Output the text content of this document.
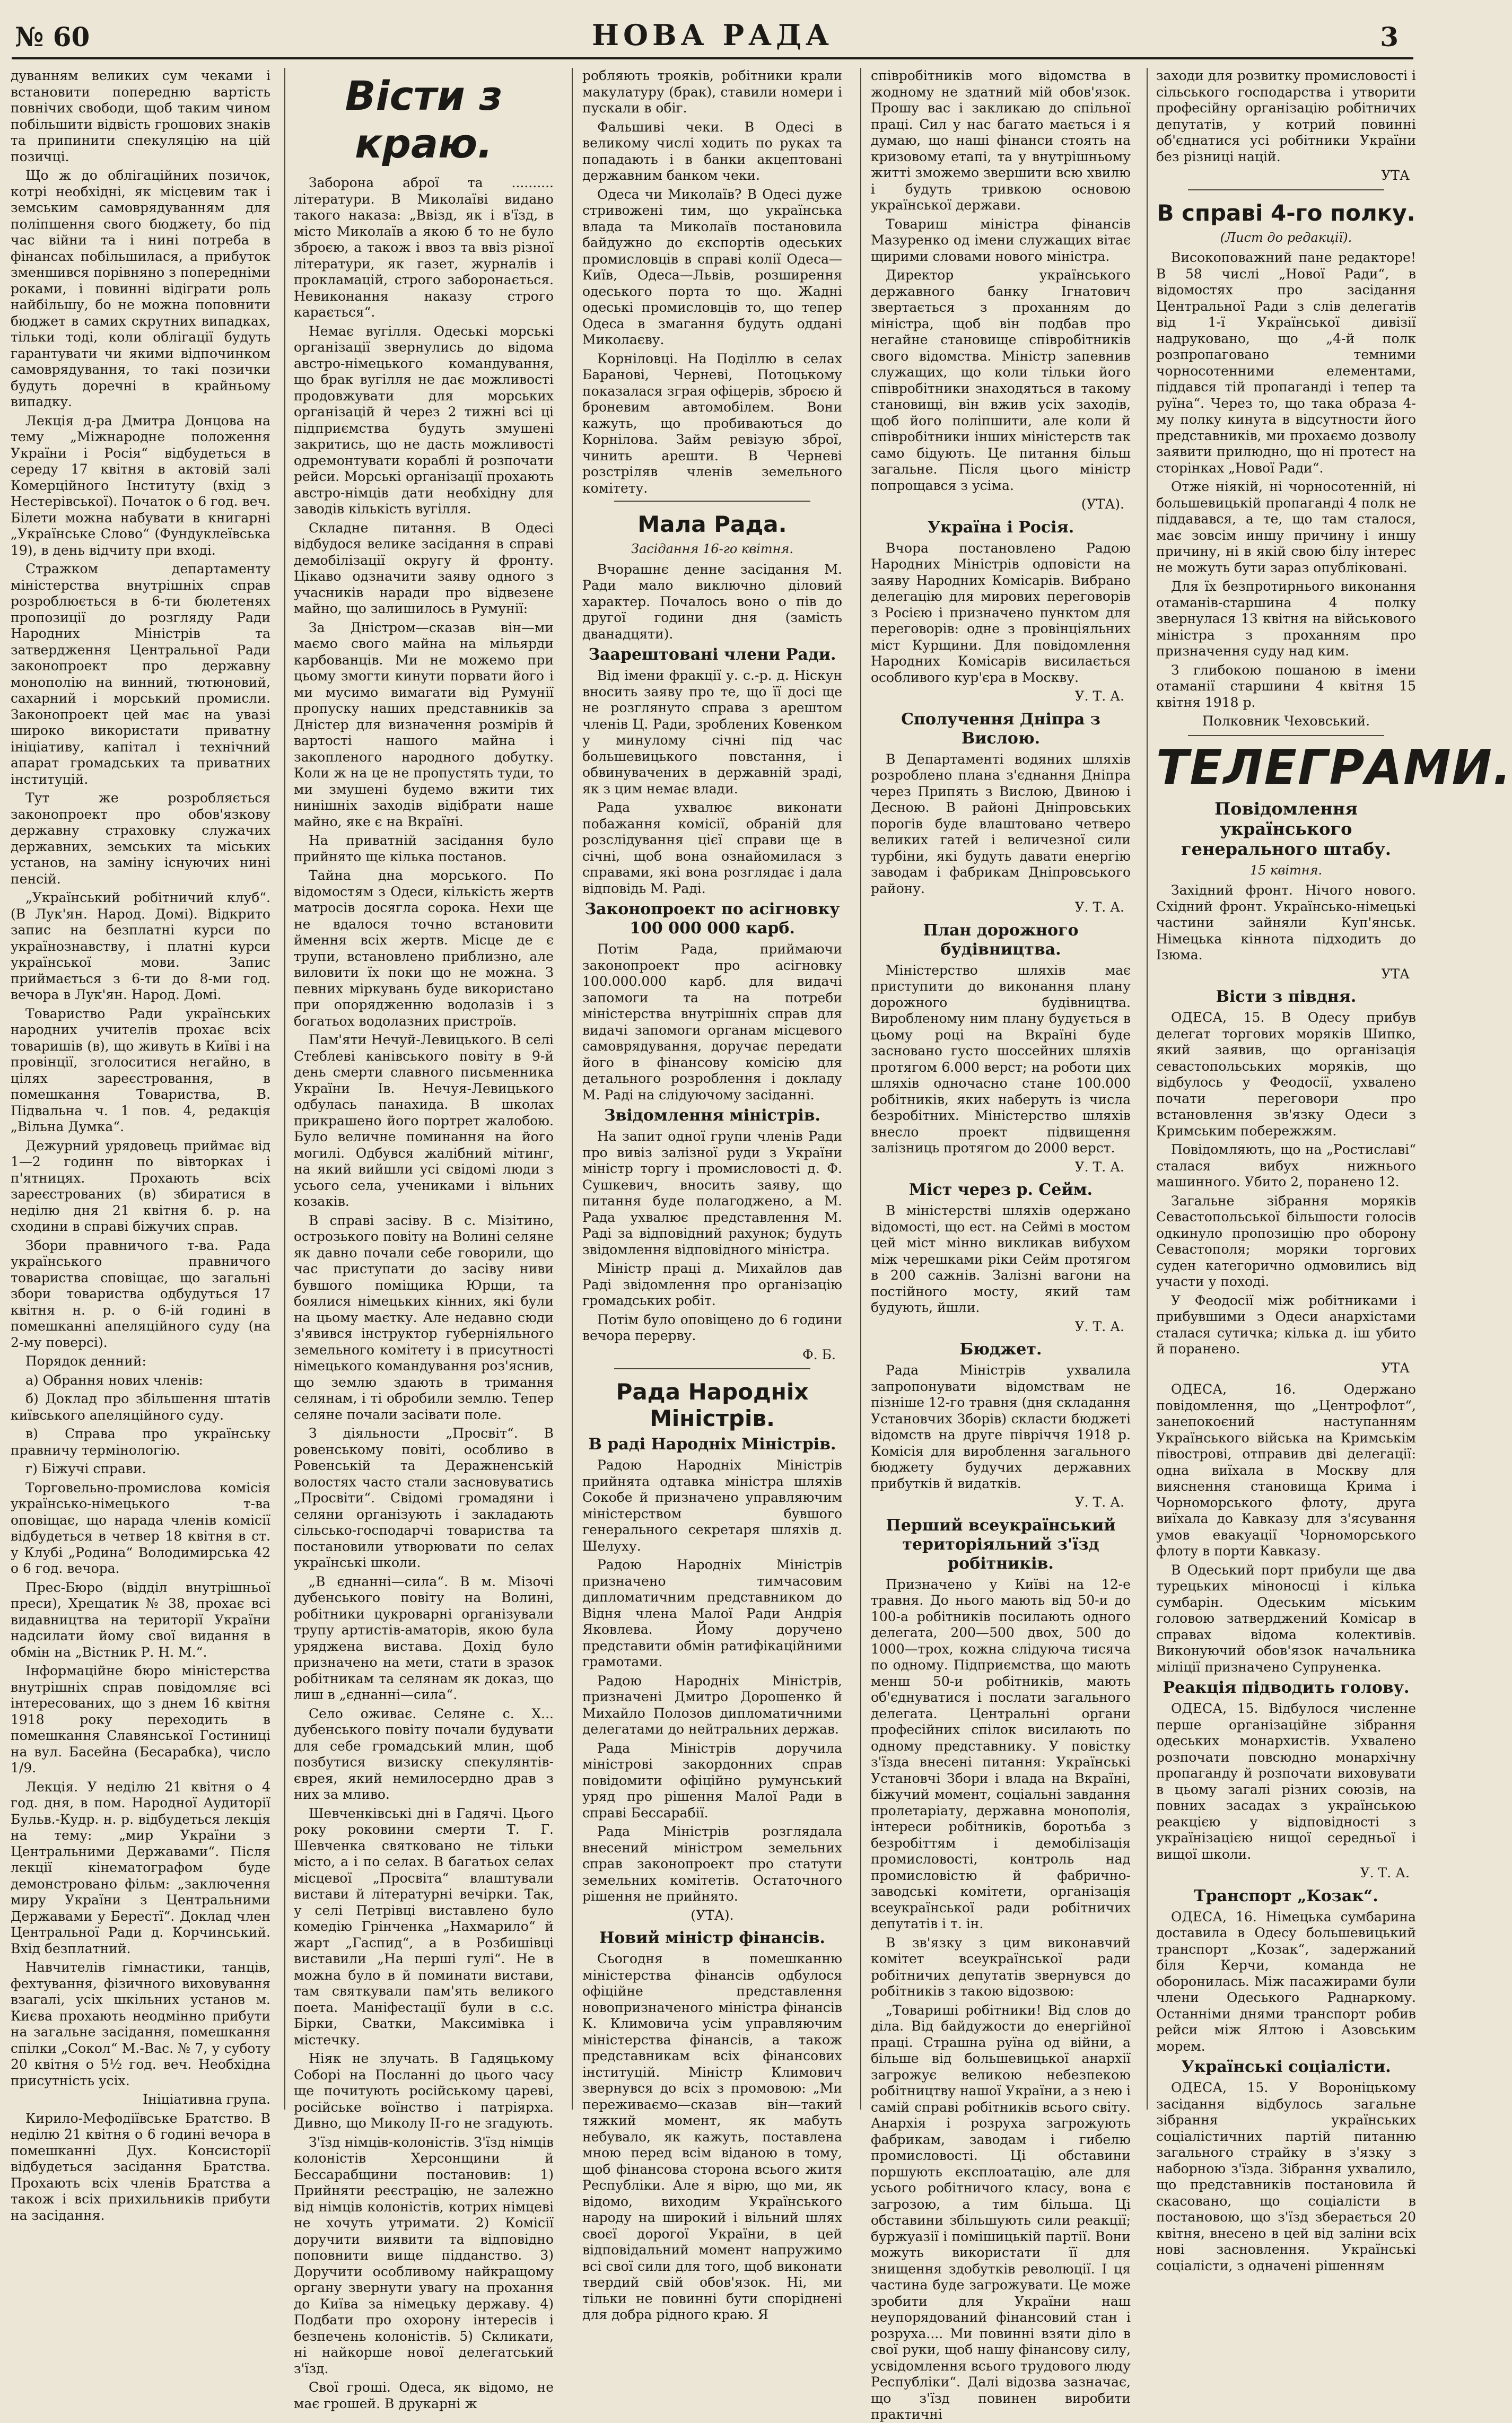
№ 60	НОВА РАДА	3

дуванням великих сум чеками і встановити попередню вартість повнічих свободи, щоб таким чином побільшити відвість грошових знаків та припинити спекуляцію на цій позичці.

Що ж до облігаційних позичок, котрі необхідні, як місцевим так і земським самоврядуванням для поліпшення свого бюджету, бо під час війни та і нині потреба в фінансах побільшилася, а прибуток зменшився порівняно з попередніми роками, і повинні відіграти роль найбільшу, бо не можна поповнити бюджет в самих скрутних випадках, тільки тоді, коли облігації будуть гарантувати чи якими відпочинком самоврядування, то такі позички будуть доречні в крайньому випадку.

Лекція д-ра Дмитра Донцова на тему „Міжнародне положення України і Росія“ відбудеться в середу 17 квітня в актовій залі Комерційного Інституту (вхід з Нестерівської). Початок о 6 год. веч. Білети можна набувати в книгарні „Українське Слово“ (Фундуклеївська 19), в день відчиту при вході.

Стражком департаменту міністерства внутрішніх справ розроблюється в 6-ти бюлетенях пропозиції до розгляду Ради Народних Міністрів та затвердження Центральної Ради законопроект про державну монополію на винний, тютюновий, сахарний і морський промисли. Законопроект цей має на увазі широко використати приватну ініціативу, капітал і технічний апарат громадських та приватних інституцій.

Тут же розробляється законопроект про обов'язкову державну страховку служачих державних, земських та міських установ, на заміну існуючих нині пенсій.

„Український робітничий клуб“. (В Лук'ян. Народ. Домі). Відкрито запис на безплатні курси по українознавству, і платні курси української мови. Запис приймається з 6-ти до 8-ми год. вечора в Лук'ян. Народ. Домі.

Товариство Ради українських народних учителів прохає всіх товаришів (в), що живуть в Київі і на провінції, зголоситися негайно, в цілях зареєстровання, в помешкання Товариства, В. Підвальна ч. 1 пов. 4, редакція „Вільна Думка“.

Дежурний урядовець приймає від 1—2 годинн по вівторках і п'ятницях. Прохають всіх зареєстрованих (в) збиратися в неділю дня 21 квітня б. р. на сходини в справі біжучих справ.

Збори правничого т-ва. Рада українського правничого товариства сповіщає, що загальні збори товариства одбудуться 17 квітня н. р. о 6-ій годині в помешканні апеляційного суду (на 2-му поверсі).

Порядок денний:

а) Обрання нових членів:

б) Доклад про збільшення штатів київського апеляційного суду.

в) Справа про українську правничу термінологію.

г) Біжучі справи.

Торговельно-промислова комісія українсько-німецького т-ва оповіщає, що нарада членів комісії відбудеться в четвер 18 квітня в ст. у Клубі „Родина“ Володимирська 42 о 6 год. вечора.

Прес-Бюро (відділ внутрішньої преси), Хрещатик № 38, прохає всі видавництва на території України надсилати йому свої видання в обмін на „Вістник Р. Н. М.“.

Інформаційне бюро міністерства внутрішніх справ повідомляє всі інтересованих, що з днем 16 квітня 1918 року переходить в помешкання Славянської Гостиниці на вул. Басейна (Бесарабка), число 1/9.

Лекція. У неділю 21 квітня о 4 год. дня, в пом. Народної Аудиторії Бульв.-Кудр. н. р. відбудеться лекція на тему: „мир України з Центральними Державами“. Після лекції кінематографом буде демонстровано фільм: „заключення миру України з Центральними Державами у Берестї“. Доклад член Центральної Ради д. Корчинський. Вхід безплатний.

Навчителів гімнастики, танців, фехтування, фізичного виховування взагалі, усіх шкільних установ м. Києва прохають неодмінно прибути на загальне засідання, помешкання спілки „Сокол“ М.-Вас. № 7, у суботу 20 квітня о 5½ год. веч. Необхідна присутність усіх.

Ініціативна група.

Кирило-Мефодіївське Братство. В неділю 21 квітня о 6 годині вечора в помешканні Дух. Консисторії відбудеться засідання Братства. Прохають всіх членів Братства а також і всіх прихильників прибути на засідання.

Вісти з краю.

Заборона аброї та .......... літератури. В Миколаїві видано такого наказа: „Ввізд, як і в'їзд, в місто Миколаїв а якою б то не було зброєю, а також і ввоз та ввіз різної літератури, як газет, журналів і прокламацій, строго заборонається. Невиконання наказу строго карається“.

Немає вугілля. Одеські морські організації звернулись до відома австро-німецького командування, що брак вугілля не дає можливості продовжувати для морських організацій й через 2 тижні всі ці підприємства будуть змушені закритись, що не дасть можливості одремонтувати кораблі й розпочати рейси. Морські організації прохають австро-німців дати необхідну для заводів кількість вугілля.

Складне питання. В Одесі відбудося велике засідання в справі демобілізації округу й фронту. Цікаво одзначити заяву одного з учасників наради про відвезене майно, що залишилось в Румунії:

За Дністром—сказав він—ми маємо свого майна на мільярди карбованців. Ми не можемо при цьому змогти кинути порвати його і ми мусимо вимагати від Румунії пропуску наших представників за Дністер для визначення розмірів й вартості нашого майна і закопленого народного добутку. Коли ж на це не пропустять туди, то ми змушені будемо вжити тих нинішніх заходів відібрати наше майно, яке є на Вкраїні.

На приватній засідання було прийнято ще кілька постанов.

Тайна дна морського. По відомостям з Одеси, кількість жертв матросів досягла сорока. Нехи ще не вдалося точно встановити ймення всіх жертв. Місце де є трупи, встановлено приблизно, але виловити їх поки що не можна. З певних міркувань буде використано при опорядженню водолазів і з богатьох водолазних пристроїв.

Пам'яти Нечуй-Левицького. В селі Стеблеві канівського повіту в 9-й день смерти славного письменника України Ів. Нечуя-Левицького одбулась панахида. В школах прикрашено його портрет жалобою. Було величне поминання на його могилі. Одбувся жалібний мітинг, на який вийшли усі свідомі люди з усього села, учениками і вільних козаків.

В справі засіву. В с. Мізітино, острозького повіту на Волині селяне як давно почали себе говорили, що час приступати до засіву ниви бувшого поміщика Юрщи, та боялися німецьких кінних, які були на цьому маєтку. Але недавно сюди з'явився інструктор губерніяльного земельного комітету і в присутності німецького командування роз'яснив, що землю здають в тримання селянам, і ті обробили землю. Тепер селяне почали засівати поле.

З діяльности „Просвіт“. В ровенському повіті, особливо в Ровенській та Деражненській волостях часто стали засновуватись „Просвіти“. Свідомі громадяни і селяни організують і закладають сільсько-господарчі товариства та постановили утворювати по селах українські школи.

„В єднанні—сила“. В м. Мізочі дубенського повіту на Волині, робітники цукроварні організували трупу артистів-аматорів, якою була уряджена вистава. Дохід було призначено на мети, стати в зразок робітникам та селянам як доказ, що лиш в „єднанні—сила“.

Село оживає. Селяне с. Х... дубенського повіту почали будувати для себе громадський млин, щоб позбутися визиску спекулянтів-єврея, який немилосердно драв з них за мливо.

Шевченківські дні в Гадячі. Цього року роковини смерти Т. Г. Шевченка святковано не тільки місто, а і по селах. В багатьох селах місцевої „Просвіта“ влаштували вистави й літературні вечірки. Так, у селі Петрівці виставлено було комедію Грінченка „Нахмарило“ й жарт „Гаспид“, а в Розбишівці виставили „На перші гулі“. Не в можна було в й поминати вистави, там святкували пам'ять великого поета. Маніфестації були в с.с. Бірки, Сватки, Максимівка і містечку.

Ніяк не злучать. В Гадяцькому Соборі на Посланні до цього часу ще почитують російському цареві, російське воїнство і патріярха. Дивно, що Миколу II-го не згадують.

З'їзд німців-колоністів. З'їзд німців колоністів Херсонщини й Бессарабщини постановив: 1) Прийняти реєстрацію, не залежно від німців колоністів, котрих німцеві не хочуть утримати. 2) Комісії доручити виявити та відповідно поповнити вище підданство. 3) Доручити особливому найкращому органу звернути увагу на прохання до Київа за німецьку державу. 4) Подбати про охорону інтересів і безпечень колоністів. 5) Скликати, ні найкорше нової делегатський з'їзд.

Свої гроші. Одеса, як відомо, не має грошей. В друкарні ж

робляють трояків, робітники крали макулатуру (брак), ставили номери і пускали в обіг.

Фальшиві чеки. В Одесі в великому числі ходить по руках та попадають і в банки акцептовані державним банком чеки.

Одеса чи Миколаїв? В Одесі дуже стривожені тим, що українська влада та Миколаїв постановила байдужно до єкспортів одеських промисловців в справі колії Одеса—Київ, Одеса—Львів, розширення одеського порта то що. Жадні одеські промисловців то, що тепер Одеса в змагання будуть оддані Миколаєву.

Корніловці. На Поділлю в селах Баранові, Черневі, Потоцькому показалася зграя офіцерів, зброєю й броневим автомобілем. Вони кажуть, що пробиваються до Корнілова. Займ ревізую зброї, чинить арешти. В Черневі розстріляв членів земельного комітету.

Мала Рада.
Засідання 16-го квітня.

Вчорашнє денне засідання М. Ради мало виключно діловий характер. Почалось воно о пів до другої години дня (замість дванадцяти).

Заарештовані члени Ради.

Від імени фракції у. с.-р. д. Ніскун вносить заяву про те, що її досі ще не розглянуто справа з арештом членів Ц. Ради, зроблених Ковенком у минулому січні під час большевицького повстання, і обвинувачених в державній зраді, як з цим немає влади.

Рада ухвалює виконати побажання комісії, обраній для розслідування цієї справи ще в січні, щоб вона ознайомилася з справами, які вона розглядає і дала відповідь М. Раді.

Законопроект по асігновку 100 000 000 карб.

Потім Рада, приймаючи законопроект про асігновку 100.000.000 карб. для видачі запомоги та на потреби міністерства внутрішніх справ для видачі запомоги органам місцевого самоврядування, доручає передати його в фінансову комісію для детального розроблення і докладу М. Раді на слідуючому засіданні.

Звідомлення міністрів.

На запит одної групи членів Ради про вивіз залізної руди з України міністр торгу і промисловості д. Ф. Сушкевич, вносить заяву, що питання буде полагоджено, а М. Рада ухвалює представлення М. Раді за відповідний рахунок; будуть звідомлення відповідного міністра.

Міністр праці д. Михайлов дав Раді звідомлення про організацію громадських робіт.

Потім було оповіщено до 6 години вечора перерву.

Ф. Б.
Рада Народніх Міністрів.
В раді Народніх Міністрів.

Радою Народніх Міністрів прийнята одтавка міністра шляхів Сокобе й призначено управляючим міністерством бувшого генерального секретаря шляхів д. Шелуху.

Радою Народніх Міністрів призначено тимчасовим дипломатичним представником до Відня члена Малої Ради Андрія Яковлева. Йому доручено представити обмін ратифікаційними грамотами.

Радою Народніх Міністрів, призначені Дмитро Дорошенко й Михайло Полозов дипломатичними делегатами до нейтральних держав.

Рада Міністрів доручила міністрові закордонних справ повідомити офіційно румунський уряд про рішення Малої Ради в справі Бессарабії.

Рада Міністрів розглядала внесений міністром земельних справ законопроект про статути земельних комітетів. Остаточного рішення не прийнято.

(УТА).
Новий міністр фінансів.

Сьогодня в помешканню міністерства фінансів одбулося офіційне представлення новопризначеного міністра фінансів К. Климовича усім управляючим міністерства фінансів, а також представникам всіх фінансових інституцій. Міністр Климович звернувся до всіх з промовою: „Ми переживаємо—сказав він—такий тяжкий момент, як мабуть небувало, як кажуть, поставлена мною перед всім віданою в тому, щоб фінансова сторона всього житя Республіки. Але я вірю, що ми, як відомо, виходим Українського народу на широкий і вільний шлях своєї дорогої України, в цей відповідальний момент напружимо всі свої сили для того, щоб виконати твердий свій обов'язок. Ні, ми тільки не повинні бути споріднені для добра рідного краю. Я

співробітників мого відомства в жодному не здатний мій обов'язок. Прошу вас і закликаю до спільної праці. Сил у нас багато мається і я думаю, що наші фінанси стоять на кризовому етапі, та у внутрішньому житті зможемо звершити всю хвилю і будуть тривкою основою української держави.

Товариш міністра фінансів Мазуренко од імени служащих вітає щирими словами нового міністра.

Директор українського державного банку Ігнатович звертається з проханням до міністра, щоб він подбав про негайне становище співробітників свого відомства. Міністр запевнив служащих, що коли тільки його співробітники знаходяться в такому становищі, він вжив усіх заходів, щоб його поліпшити, але коли й співробітники інших міністерств так само бідують. Це питання більш загальне. Після цього міністр попрощався з усіма.

(УТА).
Україна і Росія.

Вчора постановлено Радою Народних Міністрів одповісти на заяву Народних Комісарів. Вибрано делегацію для мирових переговорів з Росією і призначено пунктом для переговорів: одне з провінціяльних міст Курщини. Для повідомлення Народних Комісарів висилається особливого кур'єра в Москву.

У. Т. А.
Сполучення Дніпра з Вислою.

В Департаменті водяних шляхів розроблено плана з'єднання Дніпра через Припять з Вислою, Двиною і Десною. В районі Дніпровських порогів буде влаштовано четверо великих гатей і величезної сили турбіни, які будуть давати енергію заводам і фабрикам Дніпровського району.

У. Т. А.
План дорожного будівництва.

Міністерство шляхів має приступити до виконання плану дорожного будівництва. Виробленому ним плану будується в цьому році на Вкраїні буде засновано густо шоссейних шляхів протягом 6.000 верст; на роботи цих шляхів одночасно стане 100.000 робітників, яких наберуть із числа безробітних. Міністерство шляхів внесло проект підвищення залізниць протягом до 2000 верст.

У. Т. А.
Міст через р. Сейм.

В міністерстві шляхів одержано відомості, що ест. на Сеймі в мостом цей міст мінно викликав вибухом між черешками ріки Сейм протягом в 200 сажнів. Залізні вагони на постійного мосту, який там будують, йшли.

У. Т. А.
Бюджет.

Рада Міністрів ухвалила запропонувати відомствам не пізніше 12-го травня (дня складання Установчих Зборів) скласти бюджеті відомств на друге півріччя 1918 р. Комісія для вироблення загального бюджету будучих державних прибутків й видатків.

У. Т. А.
Перший всеукраїнський територіяльний з'їзд робітників.

Призначено у Київі на 12-е травня. До нього мають від 50-и до 100-а робітників посилають одного делегата, 200—500 двох, 500 до 1000—трох, кожна слідуюча тисяча по одному. Підприємства, що мають менш 50-и робітників, мають об'єднуватися і послати загального делегата. Центральні органи професійних спілок висилають по одному представнику. У повістку з'їзда внесені питання: Українські Установчі Збори і влада на Вкраїні, біжучий момент, соціальні завдання пролетаріату, державна монополія, інтереси робітників, боротьба з безробіттям і демобілізація промисловості, контроль над промисловістю й фабрично-заводські комітети, організація всеукраїнської ради робітничих депутатів і т. ін.

В зв'язку з цим виконавчий комітет всеукраїнської ради робітничих депутатів звернувся до робітників з такою відозвою:

„Товариші робітники! Від слов до діла. Від байдужости до енергійної праці. Страшна руїна од війни, а більше від большевицької анархії загрожує великою небезпекою робітництву нашої України, а з нею і самій справі робітників всього світу. Анархія і розруха загрожують фабрикам, заводам і гибелю промисловості. Ці обставини поршують експлоатацію, але для усього робітничого класу, вона є загрозою, а тим більша. Ці обставини збільшують сили реакції; буржуазії і помішицькій партії. Вони можуть використати її для знищення здобутків революції. І ця частина буде загрожувати. Це може зробити для України наш неупорядований фінансовий стан і розруха.... Ми повинні взяти діло в свої руки, щоб нашу фінансову силу, усвідомлення всього трудового люду Республіки“. Далі відозва зазначає, що з'їзд повинен виробити практичні

заходи для розвитку промисловості і сільського господарства і утворити професійну організацію робітничих депутатів, у котрий повинні об'єднатися усі робітники України без різниці націй.

УТА
В справі 4-го полку.
(Лист до редакції).

Високоповажний пане редакторе! В 58 числі „Нової Ради“, в відомостях про засідання Центральної Ради з слів делегатів від 1-ї Української дивізії надруковано, що „4-й полк розпропаговано темними чорносотенними елементами, піддався тій пропаганді і тепер та руїна“. Через то, що така образа 4-му полку кинута в відсутности його представників, ми прохаємо дозволу заявити прилюдно, що ні протест на сторінках „Нової Ради“.

Отже ніякій, ні чорносотенній, ні большевицькій пропаганді 4 полк не піддавався, а те, що там сталося, має зовсім иншу причину і иншу причину, ні в якій свою білу інтерес не можуть бути зараз опубліковані.

Для їх безпротирнього виконання отаманів-старшина 4 полку звернулася 13 квітня на військового міністра з проханням про призначення суду над ким.

З глибокою пошаною в імени отаманії старшини 4 квітня 15 квітня 1918 р.

Полковник Чеховський.
ТЕЛЕГРАМИ.
Повідомлення українського генерального штабу.
15 квітня.

Західний фронт. Нічого нового. Східний фронт. Українсько-німецькі частини зайняли Куп'янськ. Німецька кіннота підходить до Ізюма.

УТА
Вісти з півдня.

ОДЕСА, 15. В Одесу прибув делегат торгових моряків Шипко, який заявив, що організація севастопольських моряків, що відбулось у Феодосії, ухвалено почати переговори про встановлення зв'язку Одеси з Кримським побережжям.

Повідомляють, що на „Ростиславі“ сталася вибух нижнього машинного. Убито 2, поранено 12.

Загальне зібрання моряків Севастопольської більшости голосів одкинуло пропозицію про оборону Севастополя; моряки торгових суден категорично одмовились від участи у поході.

У Феодосії між робітниками і прибувшими з Одеси анархістами сталася сутичка; кілька д. іш убито й поранено.

УТА

ОДЕСА, 16. Одержано повідомлення, що „Центрофлот“, занепокоєний наступанням Українського війська на Кримськім півострові, отправив дві делегації: одна виїхала в Москву для вияснення становища Крима і Чорноморського флоту, друга виїхала до Кавказу для з'ясування умов евакуації Чорноморського флоту в порти Кавказу.

В Одеський порт прибули ще два турецьких міноносці і кілька сумбарін. Одеським міським головою затверджений Комісар в справах відома колективів. Виконуючий обов'язок начальника міліції призначено Супруненка.

Реакція підводить голову.

ОДЕСА, 15. Відбулося численне перше організаційне зібрання одеських монархистів. Ухвалено розпочати повсюдно монархічну пропаганду й розпочати виховувати в цьому загалі різних союзів, на повних засадах з українською реакцією у відповідності з українізацією нищої середньої і вищої школи.

У. Т. А.
Транспорт „Козак“.

ОДЕСА, 16. Німецька сумбарина доставила в Одесу большевицький транспорт „Козак“, задержаний біля Керчи, команда не оборонилась. Між пасажирами були члени Одеського Раднаркому. Останніми днями транспорт робив рейси між Ялтою і Азовським морем.

Українські соціалісти.

ОДЕСА, 15. У Вороніцькому засідання відбулось загальне зібрання українських соціалістичних партій питанню загального страйку в з'язку з наборною з'їзда. Зібрання ухвалило, що представників постановила й скасовано, що соціалісти в постановою, що з'їзд зберається 20 квітня, внесено в цей від заліни всіх нові засновлення. Українські соціалісти, з одначені рішенням
